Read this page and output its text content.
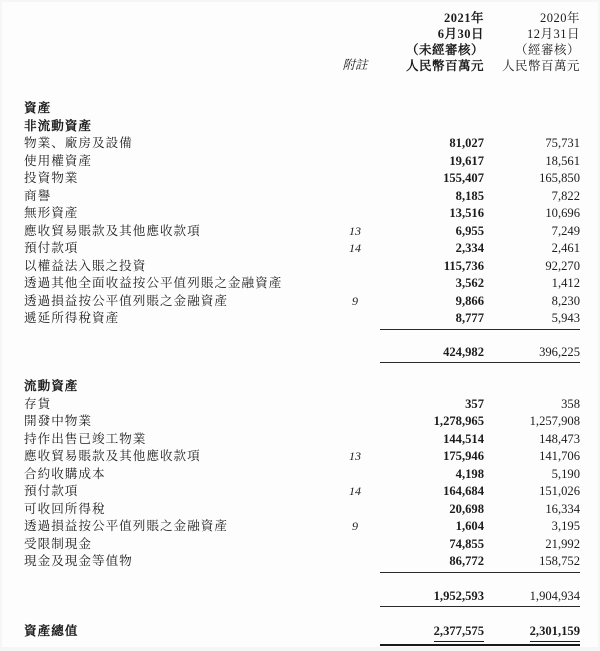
附註
2021年
6月30日
（未經審核）
人民幣百萬元
2020年
12月31日
（經審核）
人民幣百萬元
資產
非流動資產
物業、廠房及設備	81,027	75,731
使用權資產	19,617	18,561
投資物業	155,407	165,850
商譽	8,185	7,822
無形資產	13,516	10,696
應收貿易賬款及其他應收款項	13	6,955	7,249
預付款項	14	2,334	2,461
以權益法入賬之投資	115,736	92,270
透過其他全面收益按公平值列賬之金融資產	3,562	1,412
透過損益按公平值列賬之金融資產	9	9,866	8,230
遞延所得稅資產	8,777	5,943
424,982	396,225
流動資產
存貨	357	358
開發中物業	1,278,965	1,257,908
持作出售已竣工物業	144,514	148,473
應收貿易賬款及其他應收款項	13	175,946	141,706
合約收購成本	4,198	5,190
預付款項	14	164,684	151,026
可收回所得稅	20,698	16,334
透過損益按公平值列賬之金融資產	9	1,604	3,195
受限制現金	74,855	21,992
現金及現金等值物	86,772	158,752
1,952,593	1,904,934
資產總值	2,377,575	2,301,159
